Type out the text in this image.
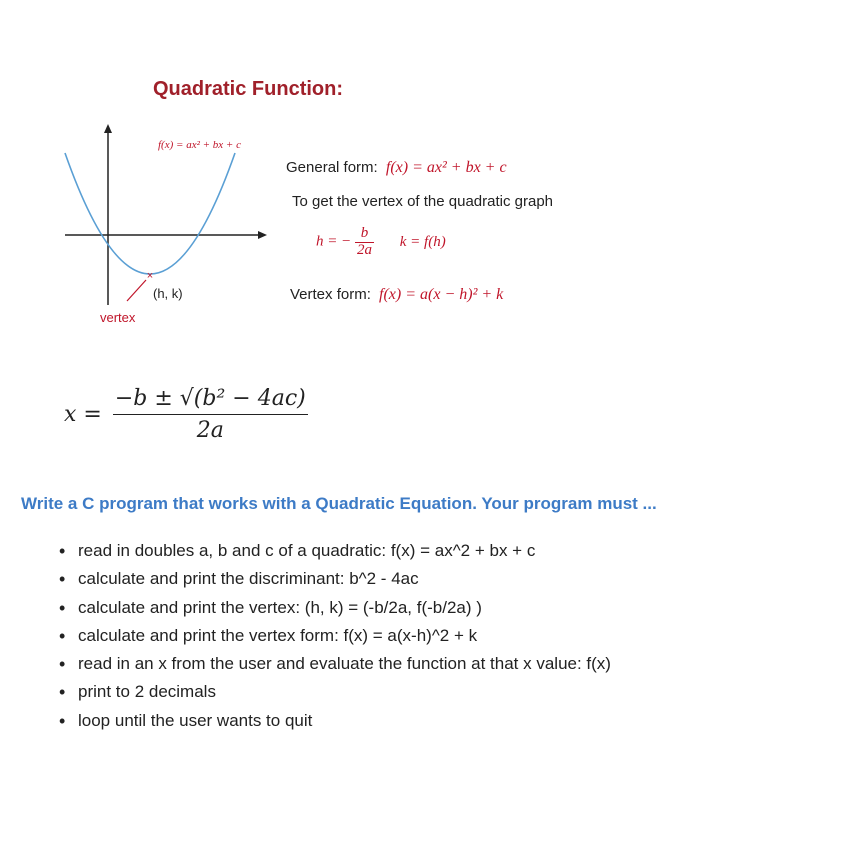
Quadratic Function:
×
f(x) = ax² + bx + c
(h, k)
vertex
General form: f(x) = ax² + bx + c
To get the vertex of the quadratic graph
h = − $\frac{b}{2a}$ k = f(h)
Vertex form: f(x) = a(x − h)² + k
$x = \frac{\text{−b ± √(b² − 4ac)}}{2a}$
Write a C program that works with a Quadratic Equation. Your program must ...
• read in doubles a, b and c of a quadratic: f(x) = ax^2 + bx + c
• calculate and print the discriminant: b^2 - 4ac
• calculate and print the vertex: (h, k) = (-b/2a, f(-b/2a) )
• calculate and print the vertex form: f(x) = a(x-h)^2 + k
• read in an x from the user and evaluate the function at that x value: f(x)
• print to 2 decimals
• loop until the user wants to quit
